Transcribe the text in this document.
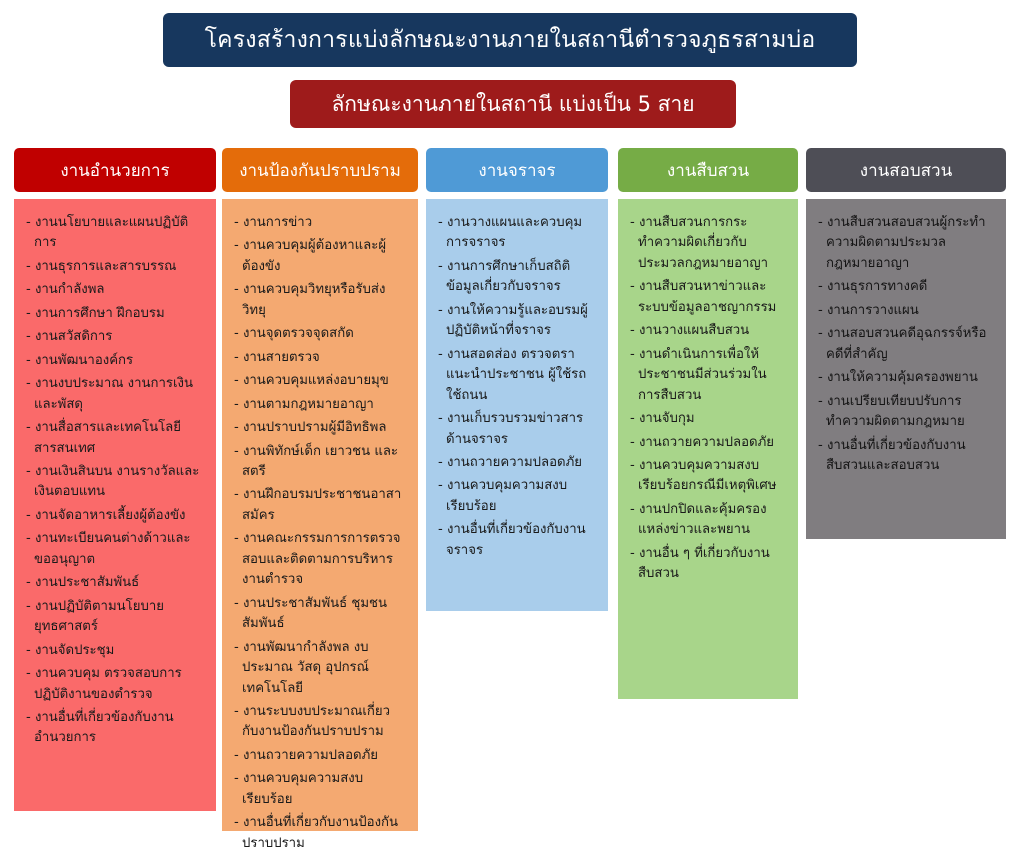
โครงสร้างการแบ่งลักษณะงานภายในสถานีตำรวจภูธรสามบ่อ
ลักษณะงานภายในสถานี แบ่งเป็น 5 สาย
งานอำนวยการ
- งานนโยบายและแผนปฏิบัติการ
- งานธุรการและสารบรรณ
- งานกำลังพล
- งานการศึกษา ฝึกอบรม
- งานสวัสดิการ
- งานพัฒนาองค์กร
- งานงบประมาณ งานการเงินและพัสดุ
- งานสื่อสารและเทคโนโลยีสารสนเทศ
- งานเงินสินบน งานรางวัลและเงินตอบแทน
- งานจัดอาหารเลี้ยงผู้ต้องขัง
- งานทะเบียนคนต่างด้าวและขออนุญาต
- งานประชาสัมพันธ์
- งานปฏิบัติตามนโยบายยุทธศาสตร์
- งานจัดประชุม
- งานควบคุม ตรวจสอบการปฏิบัติงานของตำรวจ
- งานอื่นที่เกี่ยวข้องกับงานอำนวยการ
งานป้องกันปราบปราม
- งานการข่าว
- งานควบคุมผู้ต้องหาและผู้ต้องขัง
- งานควบคุมวิทยุหรือรับส่งวิทยุ
- งานจุดตรวจจุดสกัด
- งานสายตรวจ
- งานควบคุมแหล่งอบายมุข
- งานตามกฎหมายอาญา
- งานปราบปรามผู้มีอิทธิพล
- งานพิทักษ์เด็ก เยาวชน และสตรี
- งานฝึกอบรมประชาชนอาสาสมัคร
- งานคณะกรรมการการตรวจสอบและติดตามการบริหารงานตำรวจ
- งานประชาสัมพันธ์ ชุมชนสัมพันธ์
- งานพัฒนากำลังพล งบประมาณ วัสดุ อุปกรณ์ เทคโนโลยี
- งานระบบงบประมาณเกี่ยวกับงานป้องกันปราบปราม
- งานถวายความปลอดภัย
- งานควบคุมความสงบเรียบร้อย
- งานอื่นที่เกี่ยวกับงานป้องกันปราบปราม
งานจราจร
- งานวางแผนและควบคุมการจราจร
- งานการศึกษาเก็บสถิติข้อมูลเกี่ยวกับจราจร
- งานให้ความรู้และอบรมผู้ปฏิบัติหน้าที่จราจร
- งานสอดส่อง ตรวจตรา แนะนำประชาชน ผู้ใช้รถใช้ถนน
- งานเก็บรวบรวมข่าวสารด้านจราจร
- งานถวายความปลอดภัย
- งานควบคุมความสงบเรียบร้อย
- งานอื่นที่เกี่ยวข้องกับงานจราจร
งานสืบสวน
- งานสืบสวนการกระทำความผิดเกี่ยวกับประมวลกฎหมายอาญา
- งานสืบสวนหาข่าวและระบบข้อมูลอาชญากรรม
- งานวางแผนสืบสวน
- งานดำเนินการเพื่อให้ประชาชนมีส่วนร่วมในการสืบสวน
- งานจับกุม
- งานถวายความปลอดภัย
- งานควบคุมความสงบเรียบร้อยกรณีมีเหตุพิเศษ
- งานปกปิดและคุ้มครองแหล่งข่าวและพยาน
- งานอื่น ๆ ที่เกี่ยวกับงานสืบสวน
งานสอบสวน
- งานสืบสวนสอบสวนผู้กระทำความผิดตามประมวลกฎหมายอาญา
- งานธุรการทางคดี
- งานการวางแผน
- งานสอบสวนคดีอุฉกรรจ์หรือคดีที่สำคัญ
- งานให้ความคุ้มครองพยาน
- งานเปรียบเทียบปรับการทำความผิดตามกฎหมาย
- งานอื่นที่เกี่ยวข้องกับงานสืบสวนและสอบสวน
